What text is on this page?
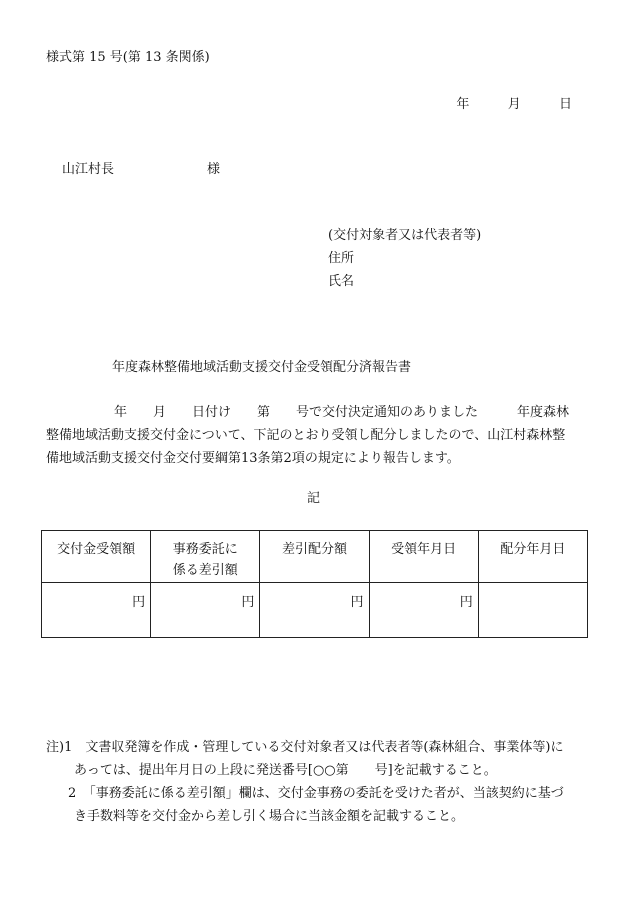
様式第 15 号(第 13 条関係)
年	月	日
山江村長	様
(交付対象者又は代表者等)
住所
氏名
年度森林整備地域活動支援交付金受領配分済報告書
年　　月　　日付け　　第　　号で交付決定通知のありました　　　年度森林
整備地域活動支援交付金について、下記のとおり受領し配分しましたので、山江村森林整
備地域活動支援交付金交付要綱第13条第2項の規定により報告します。
記
交付金受領額	事務委託に
係る差引額	差引配分額	受領年月日	配分年月日
円	円	円	円	
注)1　文書収発簿を作成・管理している交付対象者又は代表者等(森林組合、事業体等)に
あっては、提出年月日の上段に発送番号[○○第　　号]を記載すること。
2　「事務委託に係る差引額」欄は、交付金事務の委託を受けた者が、当該契約に基づ
き手数料等を交付金から差し引く場合に当該金額を記載すること。
